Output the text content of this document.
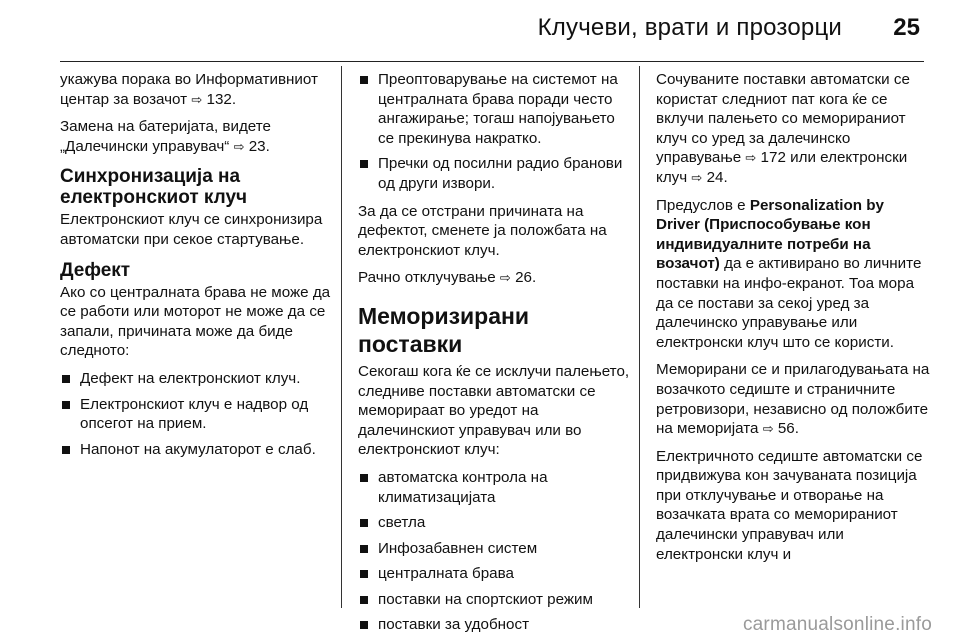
Клучеви, врати и прозорци 25

укажува порака во Информативниот центар за возачот ⇨ 132.

Замена на батеријата, видете „Далечински управувач“ ⇨ 23.

Синхронизација на електронскиот клуч

Електронскиот клуч се синхронизира автоматски при секое стартување.

Дефект

Ако со централната брава не може да се работи или моторот не може да се запали, причината може да биде следното:

Дефект на електронскиот клуч.
Електронскиот клуч е надвор од опсегот на прием.
Напонот на акумулаторот е слаб.
Преоптоварување на системот на централната брава поради често ангажирање; тогаш напојувањето се прекинува накратко.
Пречки од посилни радио бранови од други извори.

За да се отстрани причината на дефектот, сменете ја положбата на електронскиот клуч.

Рачно отклучување ⇨ 26.

Меморизирани поставки

Секогаш кога ќе се исклучи палењето, следниве поставки автоматски се меморираат во уредот на далечинскиот управувач или во електронскиот клуч:

автоматска контрола на климатизацијата
светла
Инфозабавнен систем
централната брава
поставки на спортскиот режим
поставки за удобност

Сочуваните поставки автоматски се користат следниот пат кога ќе се вклучи палењето со меморираниот клуч со уред за далечинско управување ⇨ 172 или електронски клуч ⇨ 24.

Предуслов е Personalization by Driver (Приспособување кон индивидуалните потреби на возачот) да е активирано во личните поставки на инфо-екранот. Тоа мора да се постави за секој уред за далечинско управување или електронски клуч што се користи.

Меморирани се и прилагодувањата на возачкото седиште и страничните ретровизори, независно од положбите на меморијата ⇨ 56.

Електричното седиште автоматски се придвижува кон зачуваната позиција при отклучување и отворање на возачката врата со меморираниот далечински управувач или електронски клуч и

carmanualsonline.info
